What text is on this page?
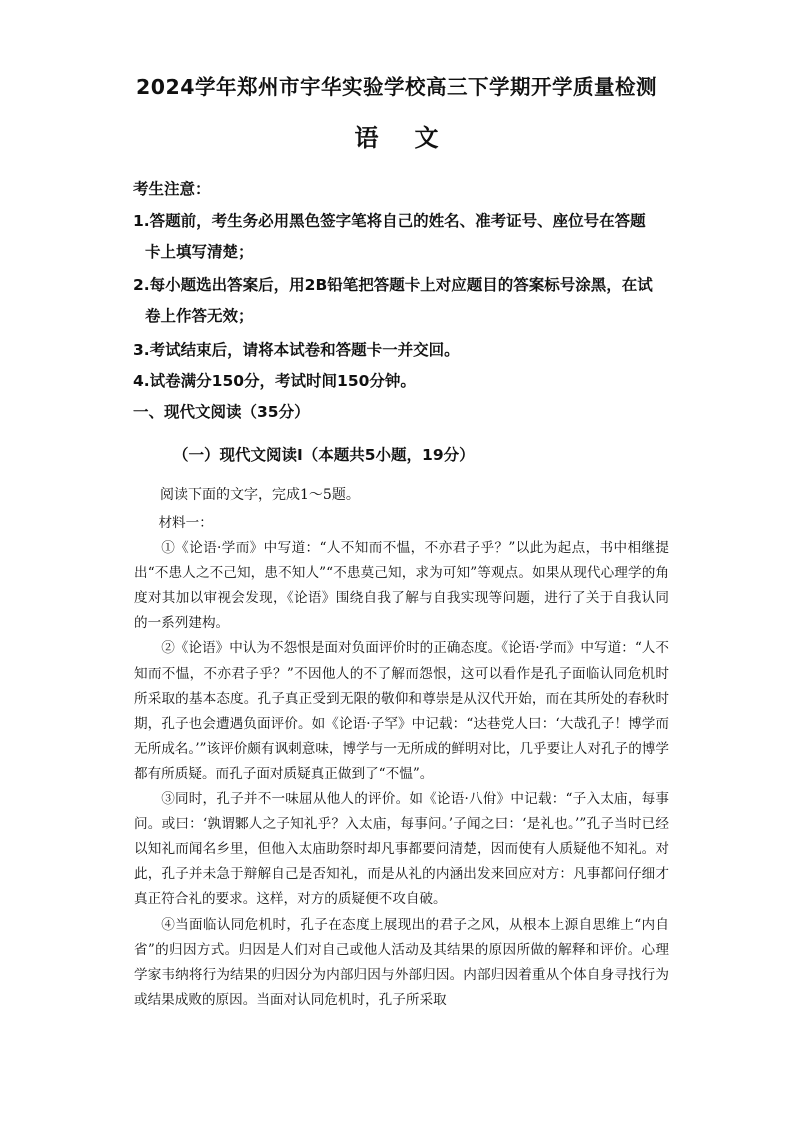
2024学年郑州市宇华实验学校高三下学期开学质量检测
语文
考生注意：
1.答题前，考生务必用黑色签字笔将自己的姓名、准考证号、座位号在答题
卡上填写清楚；
2.每小题选出答案后，用2B铅笔把答题卡上对应题目的答案标号涂黑，在试
卷上作答无效；
3.考试结束后，请将本试卷和答题卡一并交回。
4.试卷满分150分，考试时间150分钟。
一、现代文阅读（35分）
（一）现代文阅读Ⅰ（本题共5小题，19分）
阅读下面的文字，完成1～5题。

材料一：

①《论语·学而》中写道：“人不知而不愠，不亦君子乎？”以此为起点，书中相继提出“不患人之不己知，患不知人”“不患莫己知，求为可知”等观点。如果从现代心理学的角度对其加以审视会发现，《论语》围绕自我了解与自我实现等问题，进行了关于自我认同的一系列建构。

②《论语》中认为不怨恨是面对负面评价时的正确态度。《论语·学而》中写道：“人不知而不愠，不亦君子乎？”不因他人的不了解而怨恨，这可以看作是孔子面临认同危机时所采取的基本态度。孔子真正受到无限的敬仰和尊崇是从汉代开始，而在其所处的春秋时期，孔子也会遭遇负面评价。如《论语·子罕》中记载：“达巷党人曰：‘大哉孔子！博学而无所成名。’”该评价颇有讽刺意味，博学与一无所成的鲜明对比，几乎要让人对孔子的博学都有所质疑。而孔子面对质疑真正做到了“不愠”。

③同时，孔子并不一味屈从他人的评价。如《论语·八佾》中记载：“子入太庙，每事问。或曰：‘孰谓鄹人之子知礼乎？入太庙，每事问。’子闻之曰：‘是礼也。’”孔子当时已经以知礼而闻名乡里，但他入太庙助祭时却凡事都要问清楚，因而使有人质疑他不知礼。对此，孔子并未急于辩解自己是否知礼，而是从礼的内涵出发来回应对方：凡事都问仔细才真正符合礼的要求。这样，对方的质疑便不攻自破。

④当面临认同危机时，孔子在态度上展现出的君子之风，从根本上源自思维上“内自省”的归因方式。归因是人们对自己或他人活动及其结果的原因所做的解释和评价。心理学家韦纳将行为结果的归因分为内部归因与外部归因。内部归因着重从个体自身寻找行为或结果成败的原因。当面对认同危机时，孔子所采取
